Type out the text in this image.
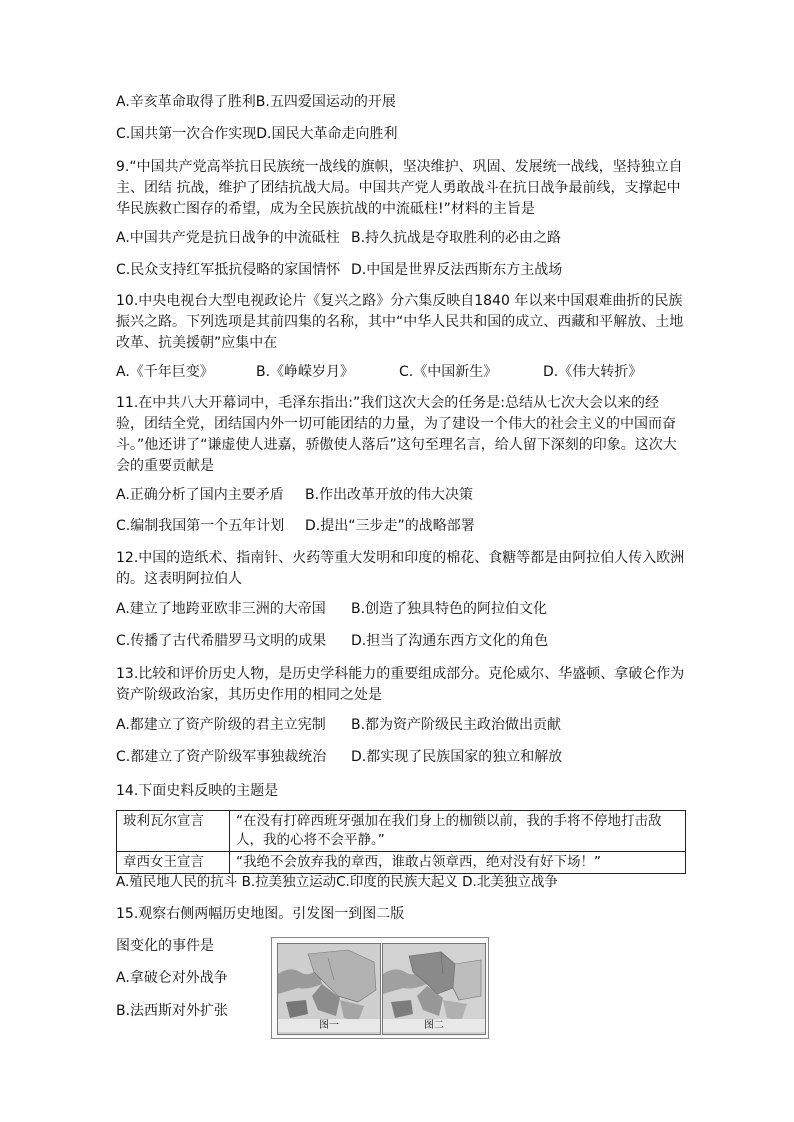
A.辛亥革命取得了胜利B.五四爱国运动的开展
C.国共第一次合作实现D.国民大革命走向胜利
9.“中国共产党高举抗日民族统一战线的旗帜，坚决维护、巩固、发展统一战线，坚持独立自主、团结 抗战，维护了团结抗战大局。中国共产党人勇敢战斗在抗日战争最前线，支撑起中华民族救亡图存的希望，成为全民族抗战的中流砥柱!”材料的主旨是
A.中国共产党是抗日战争的中流砥柱 B.持久抗战是夺取胜利的必由之路
C.民众支持红军抵抗侵略的家国情怀 D.中国是世界反法西斯东方主战场
10.中央电视台大型电视政论片《复兴之路》分六集反映自1840 年以来中国艰难曲折的民族振兴之路。下列选项是其前四集的名称，其中“中华人民共和国的成立、西藏和平解放、土地改革、抗美援朝”应集中在
A.《千年巨变》	B.《峥嵘岁月》	C.《中国新生》	D.《伟大转折》
11.在中共八大开幕词中，毛泽东指出:”我们这次大会的任务是:总结从七次大会以来的经验，团结全党，团结国内外一切可能团结的力量，为了建设一个伟大的社会主义的中国而奋斗。”他还讲了“谦虚使人进嘉，骄傲使人落后”这句至理名言，给人留下深刻的印象。这次大会的重要贡献是
A.正确分析了国内主要矛盾 B.作出改革开放的伟大决策
C.编制我国第一个五年计划 D.提出“三步走”的战略部署
12.中国的造纸术、指南针、火药等重大发明和印度的棉花、食糖等都是由阿拉伯人传入欧洲的。这表明阿拉伯人
A.建立了地跨亚欧非三洲的大帝国 B.创造了独具特色的阿拉伯文化
C.传播了古代希腊罗马文明的成果 D.担当了沟通东西方文化的角色
13.比较和评价历史人物，是历史学科能力的重要组成部分。克伦威尔、华盛顿、拿破仑作为资产阶级政治家，其历史作用的相同之处是
A.都建立了资产阶级的君主立宪制 B.都为资产阶级民主政治做出贡献
C.都建立了资产阶级军事独裁统治 D.都实现了民族国家的独立和解放
14.下面史料反映的主题是
玻利瓦尔宣言	“在没有打碎西班牙强加在我们身上的枷锁以前，我的手将不停地打击敌人，我的心将不会平静。”
章西女王宣言	“我绝不会放弃我的章西，谁敢占领章西，绝对没有好下场！”
A.殖民地人民的抗斗 B.拉美独立运动C.印度的民族大起义 D.北美独立战争
15.观察右侧两幅历史地图。引发图一到图二版
图变化的事件是
A.拿破仑对外战争
B.法西斯对外扩张
图一	图二
